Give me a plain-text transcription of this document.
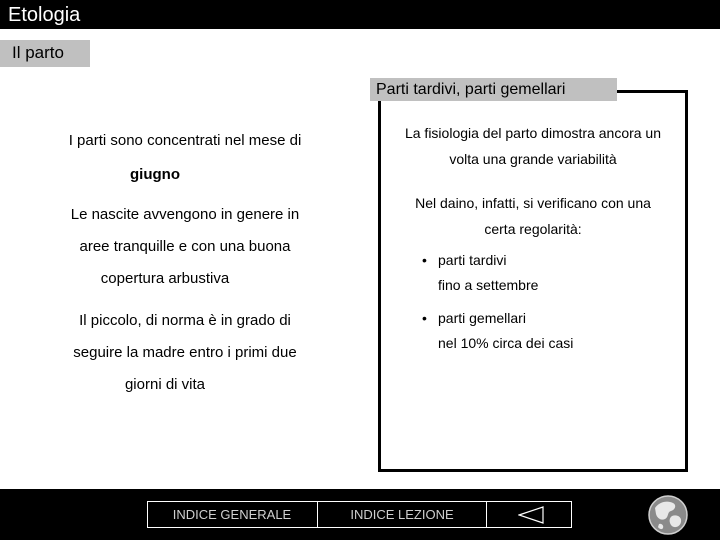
Etologia
Il parto
I parti sono concentrati nel mese di
giugno
Le nascite avvengono in genere in
aree tranquille e con una buona
copertura arbustiva
Il piccolo, di norma è in grado di
seguire la madre entro i primi due
giorni di vita
Parti tardivi, parti gemellari
La fisiologia del parto dimostra ancora un
volta una grande variabilità
Nel daino, infatti, si verificano con una
certa regolarità:
• parti tardivi
fino a settembre
• parti gemellari
nel 10% circa dei casi
INDICE GENERALE	INDICE LEZIONE
